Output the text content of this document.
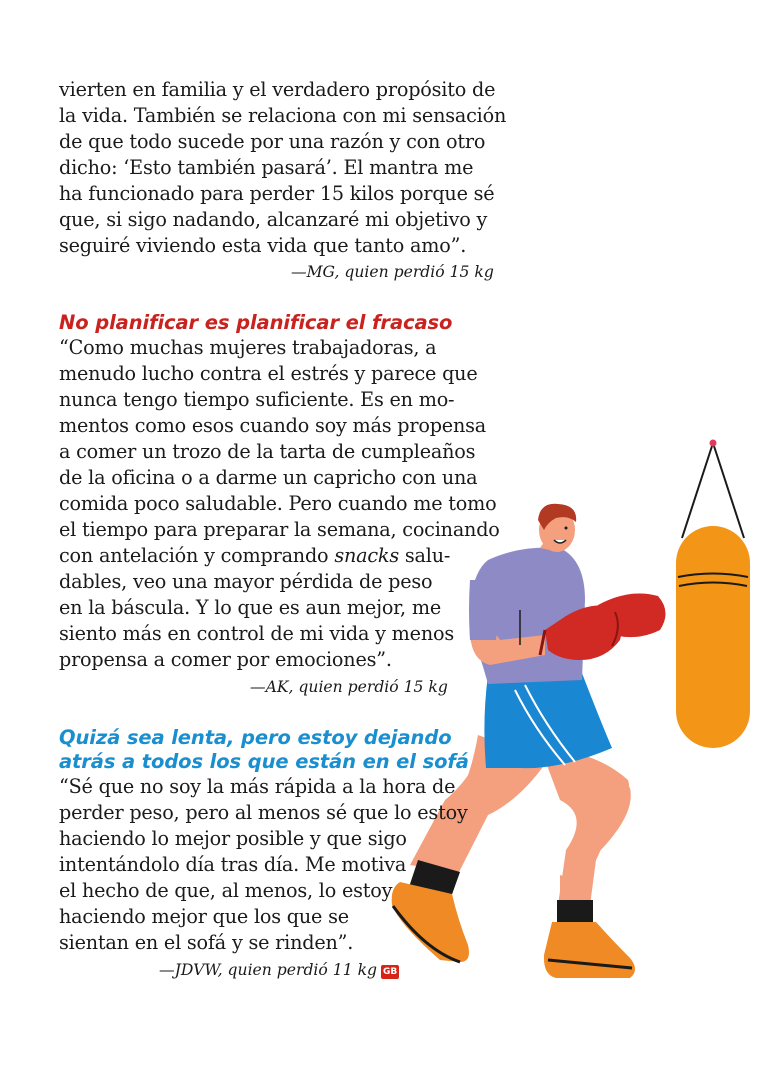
vierten en familia y el verdadero propósito de
la vida. También se relaciona con mi sensación
de que todo sucede por una razón y con otro
dicho: ‘Esto también pasará’. El mantra me
ha funcionado para perder 15 kilos porque sé
que, si sigo nadando, alcanzaré mi objetivo y
seguiré viviendo esta vida que tanto amo”.
—MG, quien perdió 15 kg
No planificar es planificar el fracaso
“Como muchas mujeres trabajadoras, a
menudo lucho contra el estrés y parece que
nunca tengo tiempo suficiente. Es en mo-
mentos como esos cuando soy más propensa
a comer un trozo de la tarta de cumpleaños
de la oficina o a darme un capricho con una
comida poco saludable. Pero cuando me tomo
el tiempo para preparar la semana, cocinando
con antelación y comprando snacks salu-
dables, veo una mayor pérdida de peso
en la báscula. Y lo que es aun mejor, me
siento más en control de mi vida y menos
propensa a comer por emociones”.
—AK, quien perdió 15 kg
Quizá sea lenta, pero estoy dejando
atrás a todos los que están en el sofá
“Sé que no soy la más rápida a la hora de
perder peso, pero al menos sé que lo estoy
haciendo lo mejor posible y que sigo
intentándolo día tras día. Me motiva
el hecho de que, al menos, lo estoy
haciendo mejor que los que se
sientan en el sofá y se rinden”.
—JDVW, quien perdió 11 kg GB
